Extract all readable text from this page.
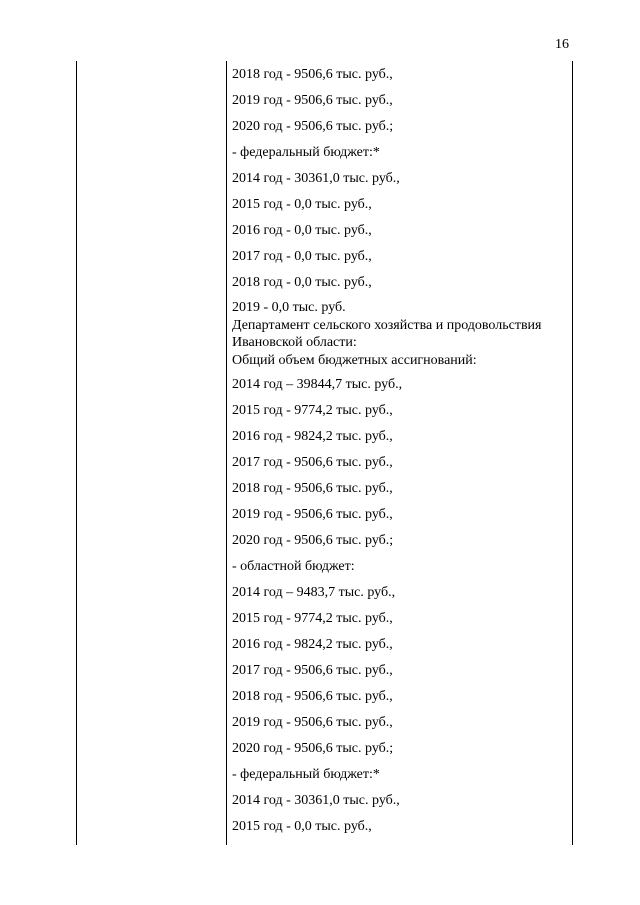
16
2018 год - 9506,6 тыс. руб.,
2019 год - 9506,6 тыс. руб.,
2020 год - 9506,6 тыс. руб.;
- федеральный бюджет:*
2014 год - 30361,0 тыс. руб.,
2015 год - 0,0 тыс. руб.,
2016 год - 0,0 тыс. руб.,
2017 год - 0,0 тыс. руб.,
2018 год - 0,0 тыс. руб.,
2019 - 0,0 тыс. руб.
Департамент сельского хозяйства и продовольствия
Ивановской области:
Общий объем бюджетных ассигнований:
2014 год – 39844,7 тыс. руб.,
2015 год - 9774,2 тыс. руб.,
2016 год - 9824,2 тыс. руб.,
2017 год - 9506,6 тыс. руб.,
2018 год - 9506,6 тыс. руб.,
2019 год - 9506,6 тыс. руб.,
2020 год - 9506,6 тыс. руб.;
- областной бюджет:
2014 год – 9483,7 тыс. руб.,
2015 год - 9774,2 тыс. руб.,
2016 год - 9824,2 тыс. руб.,
2017 год - 9506,6 тыс. руб.,
2018 год - 9506,6 тыс. руб.,
2019 год - 9506,6 тыс. руб.,
2020 год - 9506,6 тыс. руб.;
- федеральный бюджет:*
2014 год - 30361,0 тыс. руб.,
2015 год - 0,0 тыс. руб.,
